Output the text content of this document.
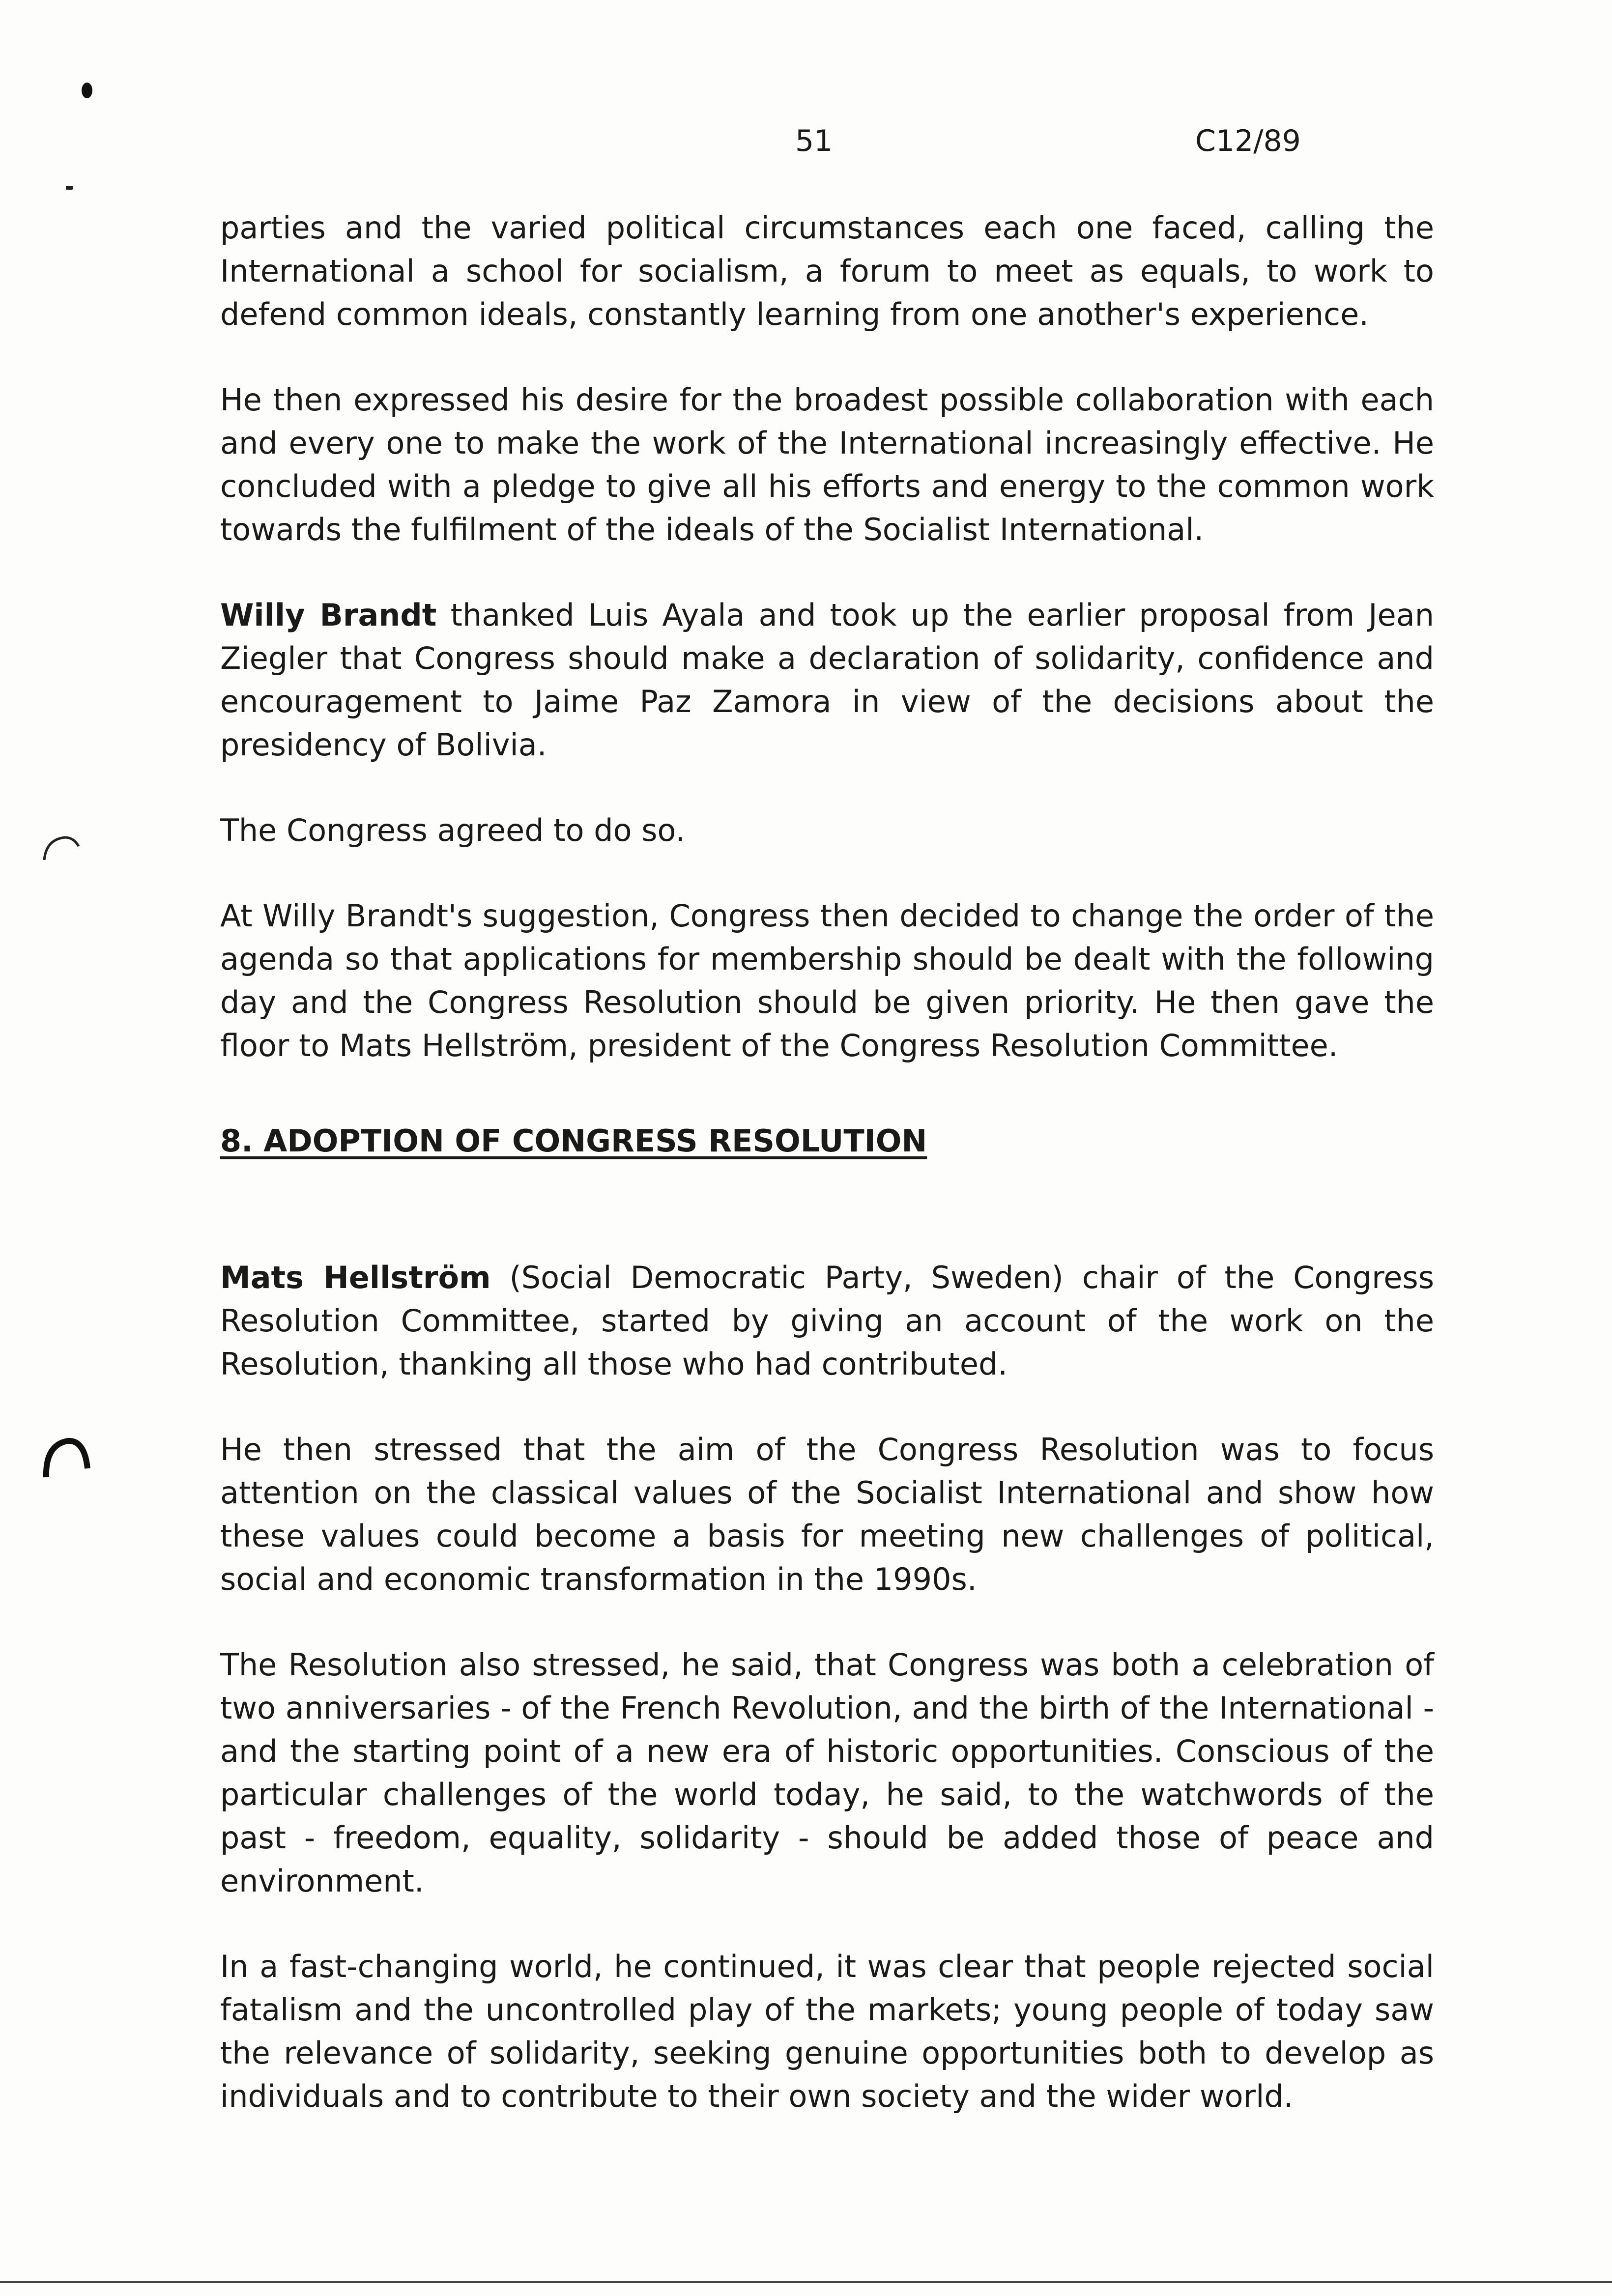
51	C12/89

parties and the varied political circumstances each one faced, calling the International a school for socialism, a forum to meet as equals, to work to defend common ideals, constantly learning from one another's experience.

He then expressed his desire for the broadest possible collaboration with each and every one to make the work of the International increasingly effective. He concluded with a pledge to give all his efforts and energy to the common work towards the fulfilment of the ideals of the Socialist International.

Willy Brandt thanked Luis Ayala and took up the earlier proposal from Jean Ziegler that Congress should make a declaration of solidarity, confidence and encouragement to Jaime Paz Zamora in view of the decisions about the presidency of Bolivia.

The Congress agreed to do so.

At Willy Brandt's suggestion, Congress then decided to change the order of the agenda so that applications for membership should be dealt with the following day and the Congress Resolution should be given priority. He then gave the floor to Mats Hellström, president of the Congress Resolution Committee.

8. ADOPTION OF CONGRESS RESOLUTION

Mats Hellström (Social Democratic Party, Sweden) chair of the Congress Resolution Committee, started by giving an account of the work on the Resolution, thanking all those who had contributed.

He then stressed that the aim of the Congress Resolution was to focus attention on the classical values of the Socialist International and show how these values could become a basis for meeting new challenges of political, social and economic transformation in the 1990s.

The Resolution also stressed, he said, that Congress was both a celebration of two anniversaries - of the French Revolution, and the birth of the International - and the starting point of a new era of historic opportunities. Conscious of the particular challenges of the world today, he said, to the watchwords of the past - freedom, equality, solidarity - should be added those of peace and environment.

In a fast-changing world, he continued, it was clear that people rejected social fatalism and the uncontrolled play of the markets; young people of today saw the relevance of solidarity, seeking genuine opportunities both to develop as individuals and to contribute to their own society and the wider world.
